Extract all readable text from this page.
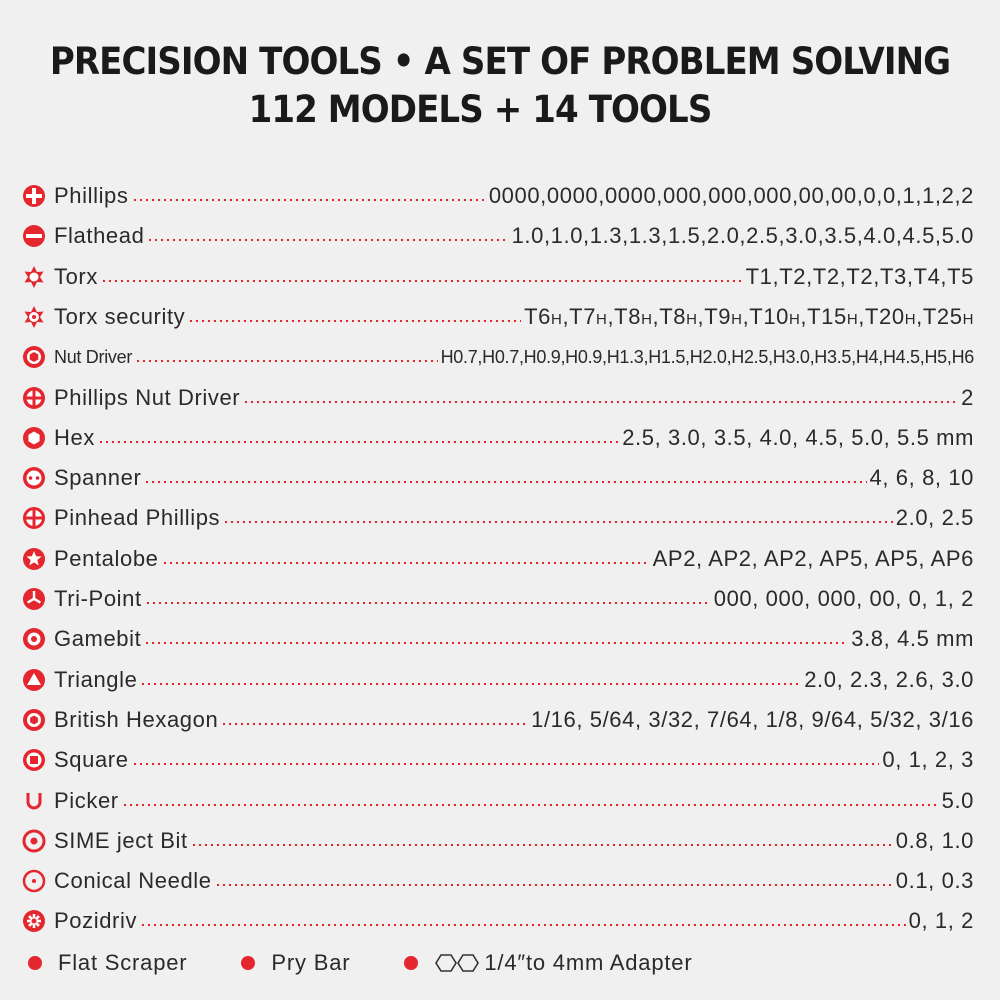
PRECISION TOOLS • A SET OF PROBLEM SOLVING
112 MODELS + 14 TOOLS
Phillips	0000,0000,0000,000,000,000,00,00,0,0,1,1,2,2
Flathead	1.0,1.0,1.3,1.3,1.5,2.0,2.5,3.0,3.5,4.0,4.5,5.0
Torx	T1,T2,T2,T2,T3,T4,T5
Torx security	T6H,T7H,T8H,T8H,T9H,T10H,T15H,T20H,T25H
Nut Driver	H0.7,H0.7,H0.9,H0.9,H1.3,H1.5,H2.0,H2.5,H3.0,H3.5,H4,H4.5,H5,H6
Phillips Nut Driver	2
Hex	2.5, 3.0, 3.5, 4.0, 4.5, 5.0, 5.5 mm
Spanner	4, 6, 8, 10
Pinhead Phillips	2.0, 2.5
Pentalobe	AP2, AP2, AP2, AP5, AP5, AP6
Tri-Point	000, 000, 000, 00, 0, 1, 2
Gamebit	3.8, 4.5 mm
Triangle	2.0, 2.3, 2.6, 3.0
British Hexagon	1/16, 5/64, 3/32, 7/64, 1/8, 9/64, 5/32, 3/16
Square	0, 1, 2, 3
Picker	5.0
SIME ject Bit	0.8, 1.0
Conical Needle	0.1, 0.3
Pozidriv	0, 1, 2
Flat Scraper	Pry Bar	1/4″to 4mm Adapter
